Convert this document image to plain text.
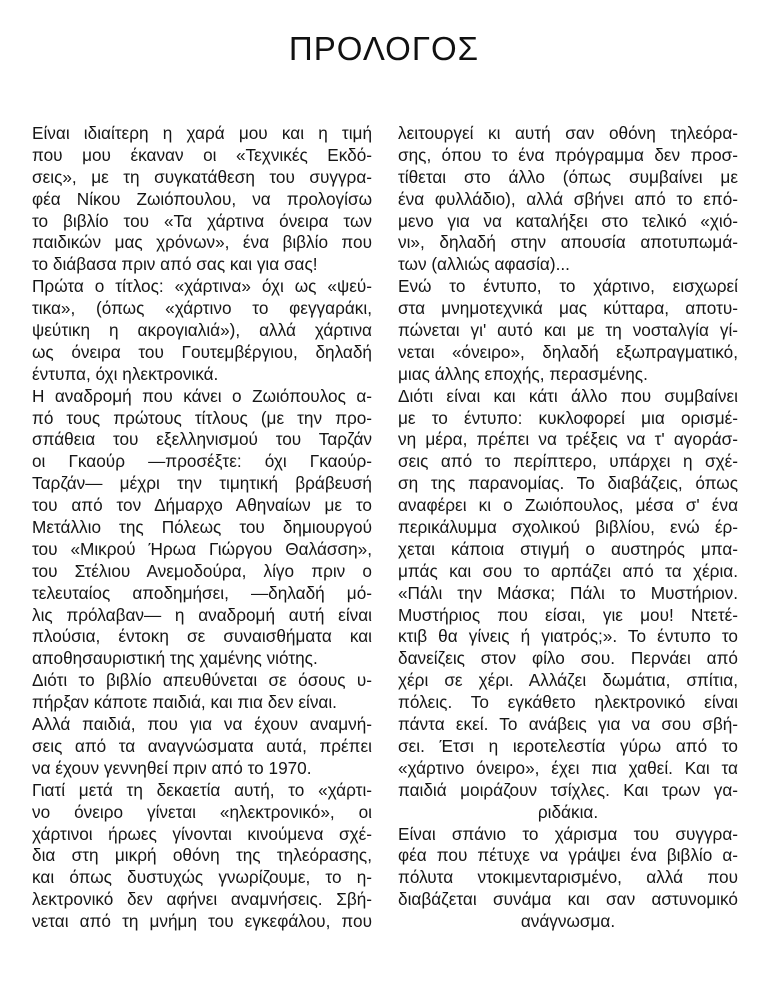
ΠΡΟΛΟΓΟΣ
Είναι ιδιαίτερη η χαρά μου και η τιμή
που μου έκαναν οι «Τεχνικές Εκδό-
σεις», με τη συγκατάθεση του συγγρα-
φέα Νίκου Ζωιόπουλου, να προλογίσω
το βιβλίο του «Τα χάρτινα όνειρα των
παιδικών μας χρόνων», ένα βιβλίο που
το διάβασα πριν από σας και για σας!
Πρώτα ο τίτλος: «χάρτινα» όχι ως «ψεύ-
τικα», (όπως «χάρτινο το φεγγαράκι,
ψεύτικη η ακρογιαλιά»), αλλά χάρτινα
ως όνειρα του Γουτεμβέργιου, δηλαδή
έντυπα, όχι ηλεκτρονικά.
Η αναδρομή που κάνει ο Ζωιόπουλος α-
πό τους πρώτους τίτλους (με την προ-
σπάθεια του εξελληνισμού του Ταρζάν
οι Γκαούρ —προσέξτε: όχι Γκαούρ-
Ταρζάν— μέχρι την τιμητική βράβευσή
του από τον Δήμαρχο Αθηναίων με το
Μετάλλιο της Πόλεως του δημιουργού
του «Μικρού Ήρωα Γιώργου Θαλάσση»,
του Στέλιου Ανεμοδούρα, λίγο πριν ο
τελευταίος αποδημήσει, —δηλαδή μό-
λις πρόλαβαν— η αναδρομή αυτή είναι
πλούσια, έντοκη σε συναισθήματα και
αποθησαυριστική της χαμένης νιότης.
Διότι το βιβλίο απευθύνεται σε όσους υ-
πήρξαν κάποτε παιδιά, και πια δεν είναι.
Αλλά παιδιά, που για να έχουν αναμνή-
σεις από τα αναγνώσματα αυτά, πρέπει
να έχουν γεννηθεί πριν από το 1970.
Γιατί μετά τη δεκαετία αυτή, το «χάρτι-
νο όνειρο γίνεται «ηλεκτρονικό», οι
χάρτινοι ήρωες γίνονται κινούμενα σχέ-
δια στη μικρή οθόνη της τηλεόρασης,
και όπως δυστυχώς γνωρίζουμε, το η-
λεκτρονικό δεν αφήνει αναμνήσεις. Σβή-
νεται από τη μνήμη του εγκεφάλου, που
λειτουργεί κι αυτή σαν οθόνη τηλεόρα-
σης, όπου το ένα πρόγραμμα δεν προσ-
τίθεται στο άλλο (όπως συμβαίνει με
ένα φυλλάδιο), αλλά σβήνει από το επό-
μενο για να καταλήξει στο τελικό «χιό-
νι», δηλαδή στην απουσία αποτυπωμά-
των (αλλιώς αφασία)...
Ενώ το έντυπο, το χάρτινο, εισχωρεί
στα μνημοτεχνικά μας κύτταρα, αποτυ-
πώνεται γι' αυτό και με τη νοσταλγία γί-
νεται «όνειρο», δηλαδή εξωπραγματικό,
μιας άλλης εποχής, περασμένης.
Διότι είναι και κάτι άλλο που συμβαίνει
με το έντυπο: κυκλοφορεί μια ορισμέ-
νη μέρα, πρέπει να τρέξεις να τ' αγοράσ-
σεις από το περίπτερο, υπάρχει η σχέ-
ση της παρανομίας. Το διαβάζεις, όπως
αναφέρει κι ο Ζωιόπουλος, μέσα σ' ένα
περικάλυμμα σχολικού βιβλίου, ενώ έρ-
χεται κάποια στιγμή ο αυστηρός μπα-
μπάς και σου το αρπάζει από τα χέρια.
«Πάλι την Μάσκα; Πάλι το Μυστήριον.
Μυστήριος που είσαι, γιε μου! Ντετέ-
κτιβ θα γίνεις ή γιατρός;». Το έντυπο το
δανείζεις στον φίλο σου. Περνάει από
χέρι σε χέρι. Αλλάζει δωμάτια, σπίτια,
πόλεις. Το εγκάθετο ηλεκτρονικό είναι
πάντα εκεί. Το ανάβεις για να σου σβή-
σει. Έτσι η ιεροτελεστία γύρω από το
«χάρτινο όνειρο», έχει πια χαθεί. Και τα
παιδιά μοιράζουν τσίχλες. Και τρων γα-
ριδάκια.
Είναι σπάνιο το χάρισμα του συγγρα-
φέα που πέτυχε να γράψει ένα βιβλίο α-
πόλυτα ντοκιμενταρισμένο, αλλά που
διαβάζεται συνάμα και σαν αστυνομικό
ανάγνωσμα.
